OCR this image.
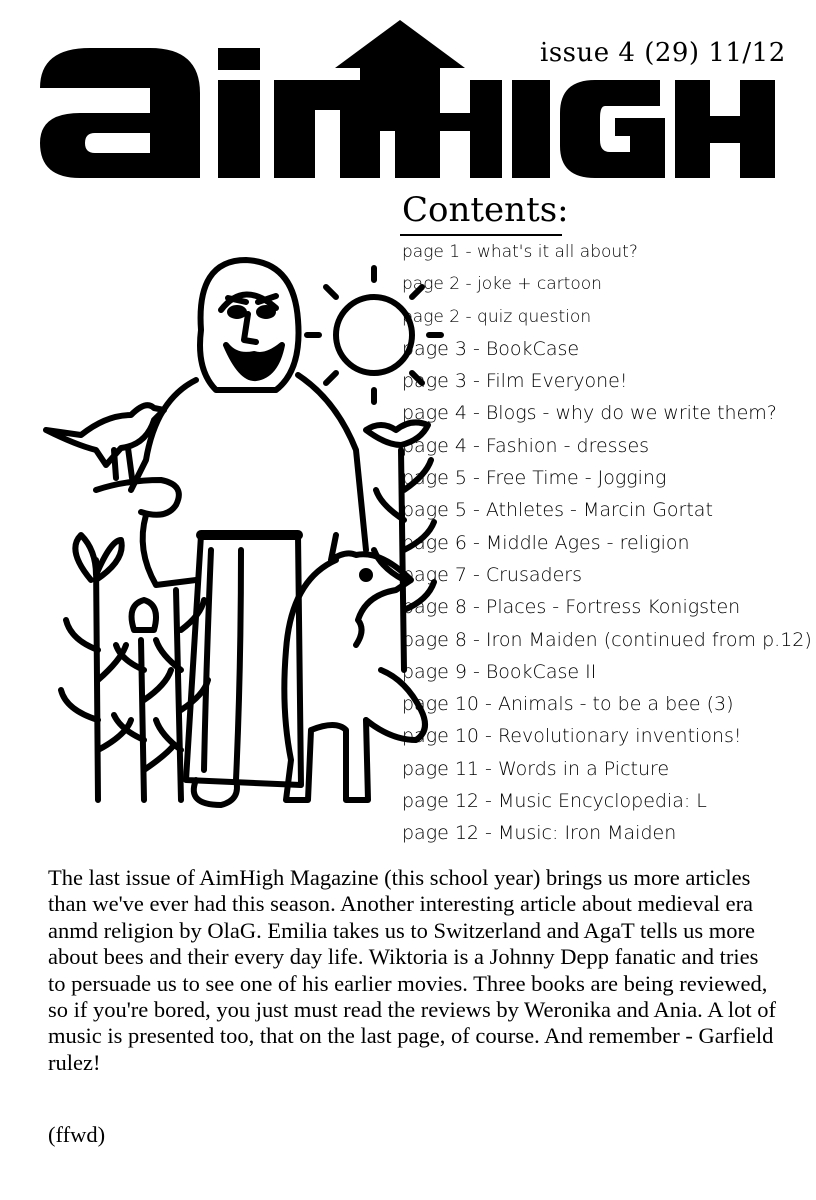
issue 4 (29) 11/12
Contents:
page 1 - what's it all about?
page 2 - joke + cartoon
page 2 - quiz question
page 3 - BookCase
page 3 - Film Everyone!
page 4 - Blogs - why do we write them?
page 4 - Fashion - dresses
page 5 - Free Time - Jogging
page 5 - Athletes - Marcin Gortat
page 6 - Middle Ages - religion
page 7 - Crusaders
page 8 - Places - Fortress Konigsten
page 8 - Iron Maiden (continued from p.12)
page 9 - BookCase II
page 10 - Animals - to be a bee (3)
page 10 - Revolutionary inventions!
page 11 - Words in a Picture
page 12 - Music Encyclopedia: L
page 12 - Music: Iron Maiden

The last issue of AimHigh Magazine (this school year) brings us more articles than we've ever had this season. Another interesting article about medieval era anmd religion by OlaG. Emilia takes us to Switzerland and AgaT tells us more about bees and their every day life. Wiktoria is a Johnny Depp fanatic and tries to persuade us to see one of his earlier movies. Three books are being reviewed, so if you're bored, you just must read the reviews by Weronika and Ania. A lot of music is presented too, that on the last page, of course. And remember - Garfield rulez!

(ffwd)
